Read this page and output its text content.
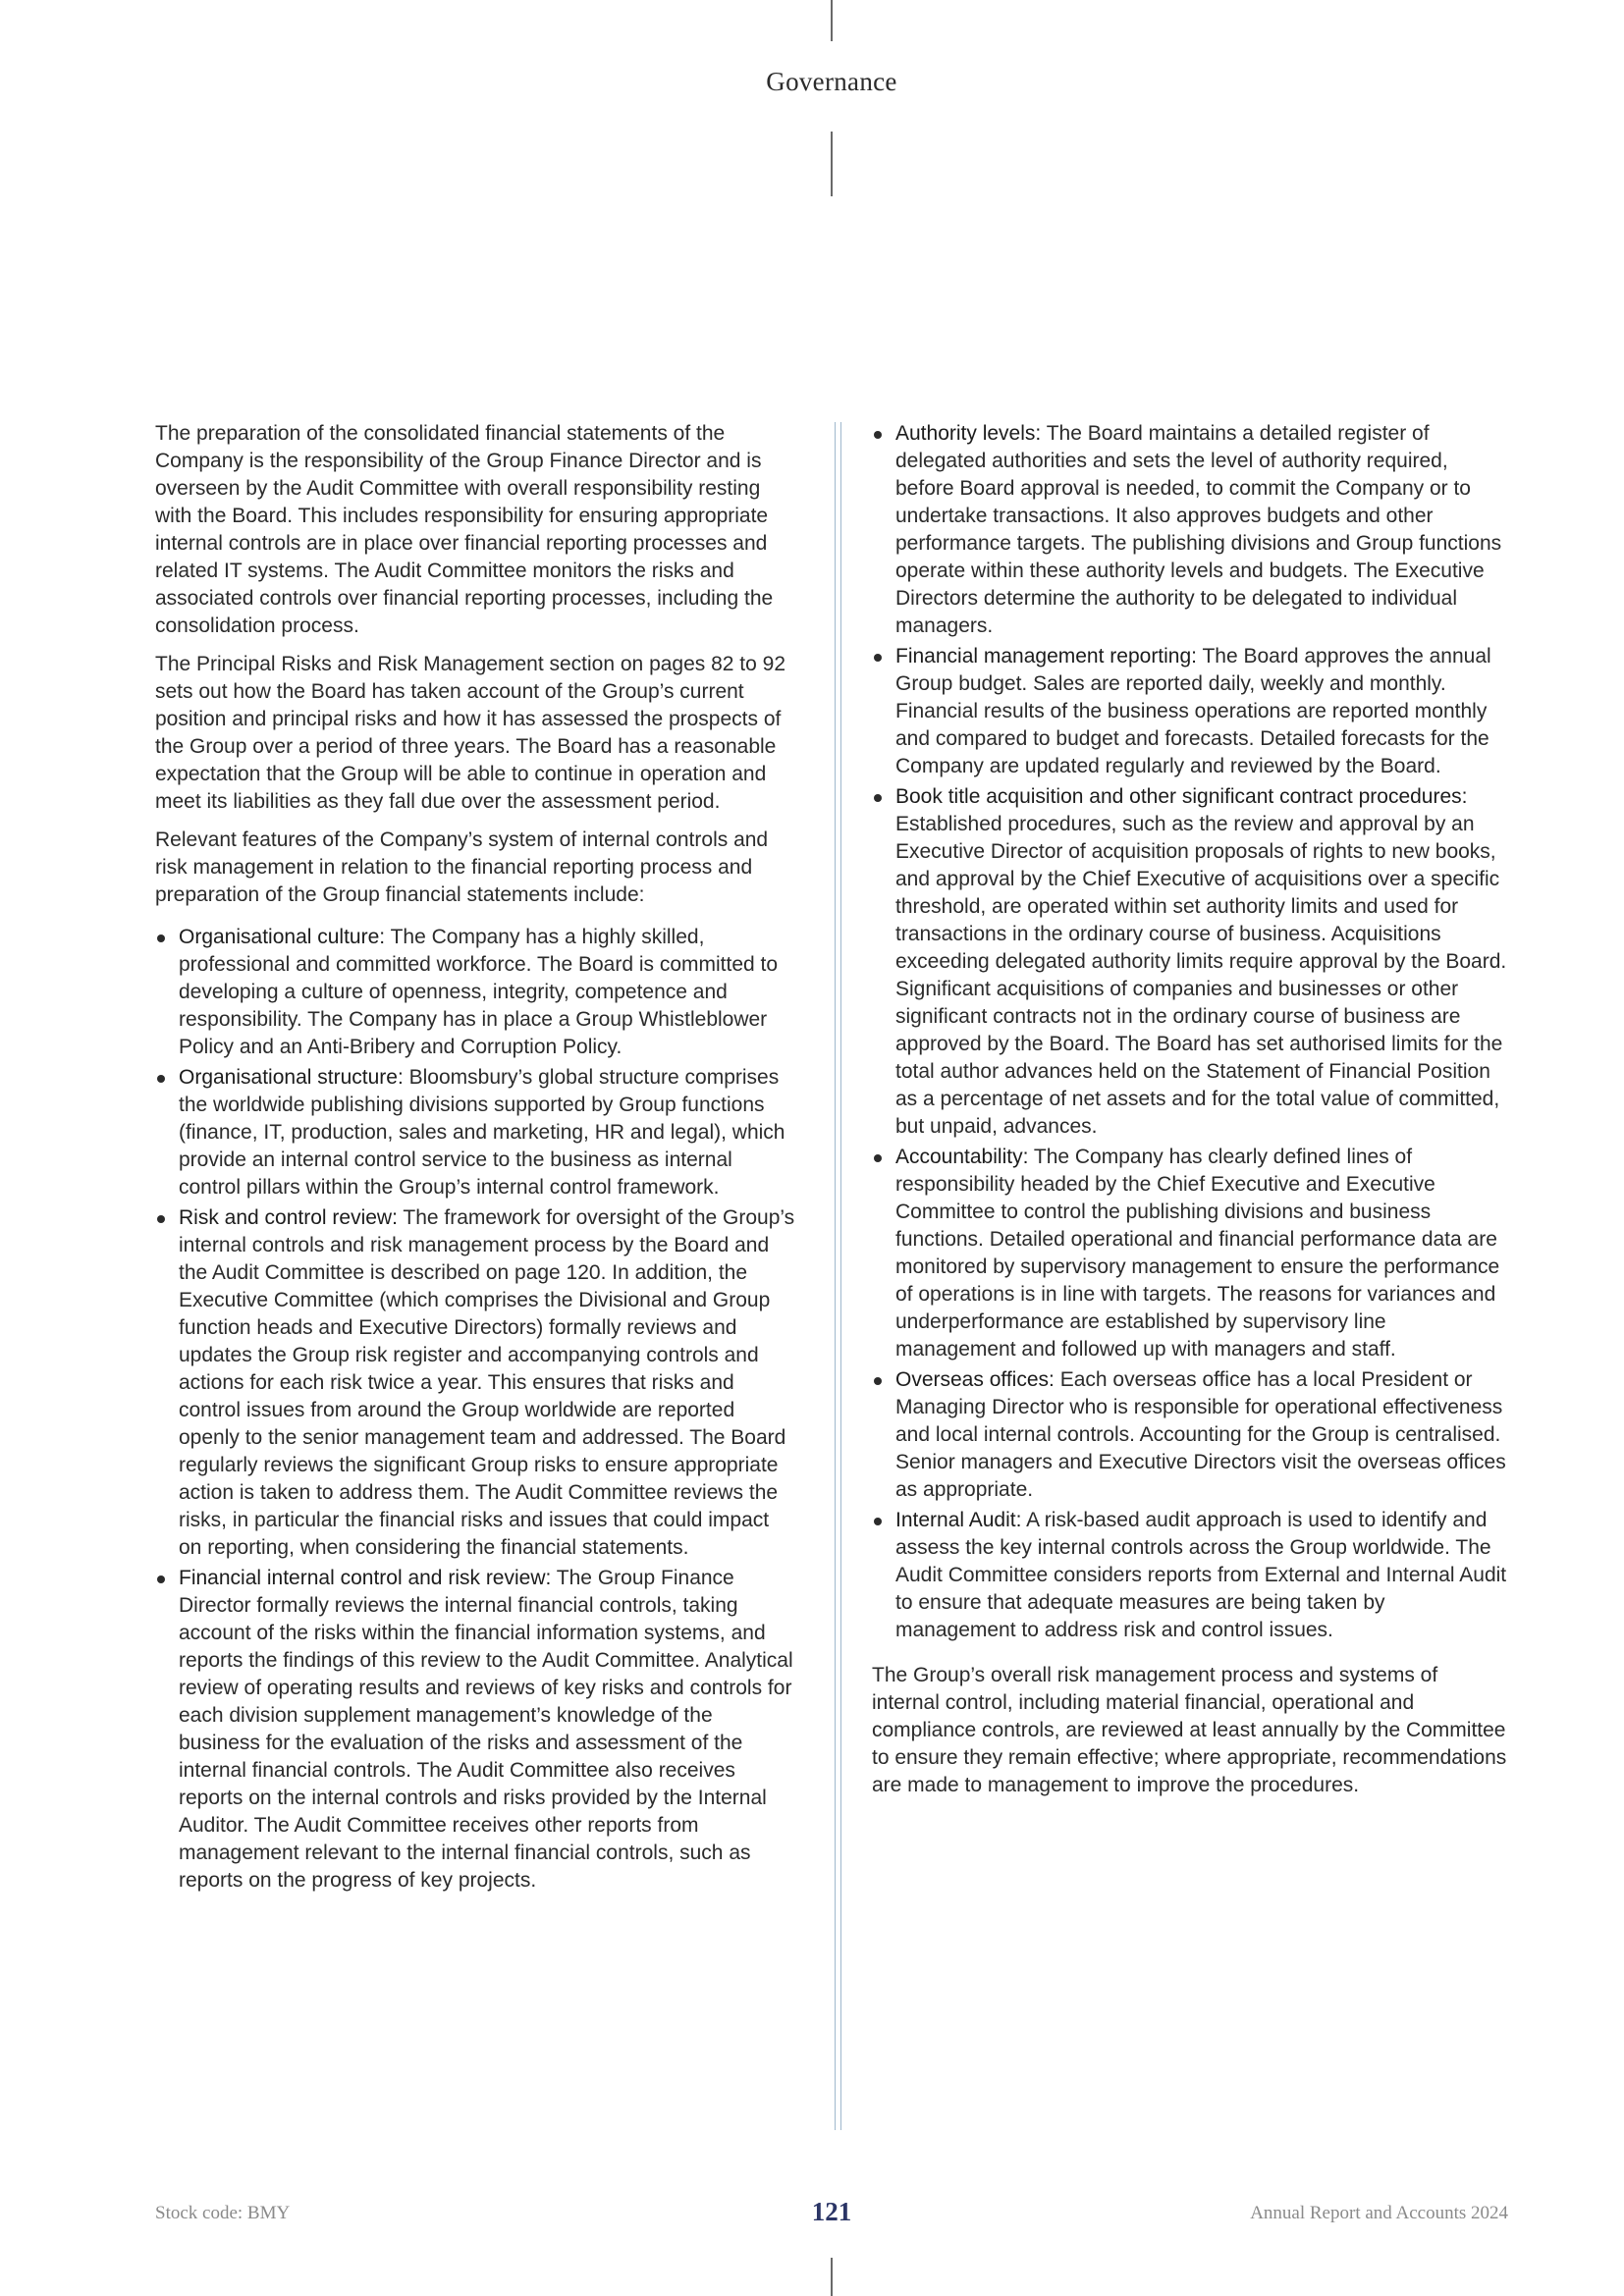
Governance

The preparation of the consolidated financial statements of the Company is the responsibility of the Group Finance Director and is overseen by the Audit Committee with overall responsibility resting with the Board. This includes responsibility for ensuring appropriate internal controls are in place over financial reporting processes and related IT systems. The Audit Committee monitors the risks and associated controls over financial reporting processes, including the consolidation process.

The Principal Risks and Risk Management section on pages 82 to 92 sets out how the Board has taken account of the Group’s current position and principal risks and how it has assessed the prospects of the Group over a period of three years. The Board has a reasonable expectation that the Group will be able to continue in operation and meet its liabilities as they fall due over the assessment period.

Relevant features of the Company’s system of internal controls and risk management in relation to the financial reporting process and preparation of the Group financial statements include:

Organisational culture: The Company has a highly skilled, professional and committed workforce. The Board is committed to developing a culture of openness, integrity, competence and responsibility. The Company has in place a Group Whistleblower Policy and an Anti-Bribery and Corruption Policy.
Organisational structure: Bloomsbury’s global structure comprises the worldwide publishing divisions supported by Group functions (finance, IT, production, sales and marketing, HR and legal), which provide an internal control service to the business as internal control pillars within the Group’s internal control framework.
Risk and control review: The framework for oversight of the Group’s internal controls and risk management process by the Board and the Audit Committee is described on page 120. In addition, the Executive Committee (which comprises the Divisional and Group function heads and Executive Directors) formally reviews and updates the Group risk register and accompanying controls and actions for each risk twice a year. This ensures that risks and control issues from around the Group worldwide are reported openly to the senior management team and addressed. The Board regularly reviews the significant Group risks to ensure appropriate action is taken to address them. The Audit Committee reviews the risks, in particular the financial risks and issues that could impact on reporting, when considering the financial statements.
Financial internal control and risk review: The Group Finance Director formally reviews the internal financial controls, taking account of the risks within the financial information systems, and reports the findings of this review to the Audit Committee. Analytical review of operating results and reviews of key risks and controls for each division supplement management’s knowledge of the business for the evaluation of the risks and assessment of the internal financial controls. The Audit Committee also receives reports on the internal controls and risks provided by the Internal Auditor. The Audit Committee receives other reports from management relevant to the internal financial controls, such as reports on the progress of key projects.
Authority levels: The Board maintains a detailed register of delegated authorities and sets the level of authority required, before Board approval is needed, to commit the Company or to undertake transactions. It also approves budgets and other performance targets. The publishing divisions and Group functions operate within these authority levels and budgets. The Executive Directors determine the authority to be delegated to individual managers.
Financial management reporting: The Board approves the annual Group budget. Sales are reported daily, weekly and monthly. Financial results of the business operations are reported monthly and compared to budget and forecasts. Detailed forecasts for the Company are updated regularly and reviewed by the Board.
Book title acquisition and other significant contract procedures: Established procedures, such as the review and approval by an Executive Director of acquisition proposals of rights to new books, and approval by the Chief Executive of acquisitions over a specific threshold, are operated within set authority limits and used for transactions in the ordinary course of business. Acquisitions exceeding delegated authority limits require approval by the Board. Significant acquisitions of companies and businesses or other significant contracts not in the ordinary course of business are approved by the Board. The Board has set authorised limits for the total author advances held on the Statement of Financial Position as a percentage of net assets and for the total value of committed, but unpaid, advances.
Accountability: The Company has clearly defined lines of responsibility headed by the Chief Executive and Executive Committee to control the publishing divisions and business functions. Detailed operational and financial performance data are monitored by supervisory management to ensure the performance of operations is in line with targets. The reasons for variances and underperformance are established by supervisory line management and followed up with managers and staff.
Overseas offices: Each overseas office has a local President or Managing Director who is responsible for operational effectiveness and local internal controls. Accounting for the Group is centralised. Senior managers and Executive Directors visit the overseas offices as appropriate.
Internal Audit: A risk-based audit approach is used to identify and assess the key internal controls across the Group worldwide. The Audit Committee considers reports from External and Internal Audit to ensure that adequate measures are being taken by management to address risk and control issues.

The Group’s overall risk management process and systems of internal control, including material financial, operational and compliance controls, are reviewed at least annually by the Committee to ensure they remain effective; where appropriate, recommendations are made to management to improve the procedures.

Stock code: BMY	121	Annual Report and Accounts 2024
